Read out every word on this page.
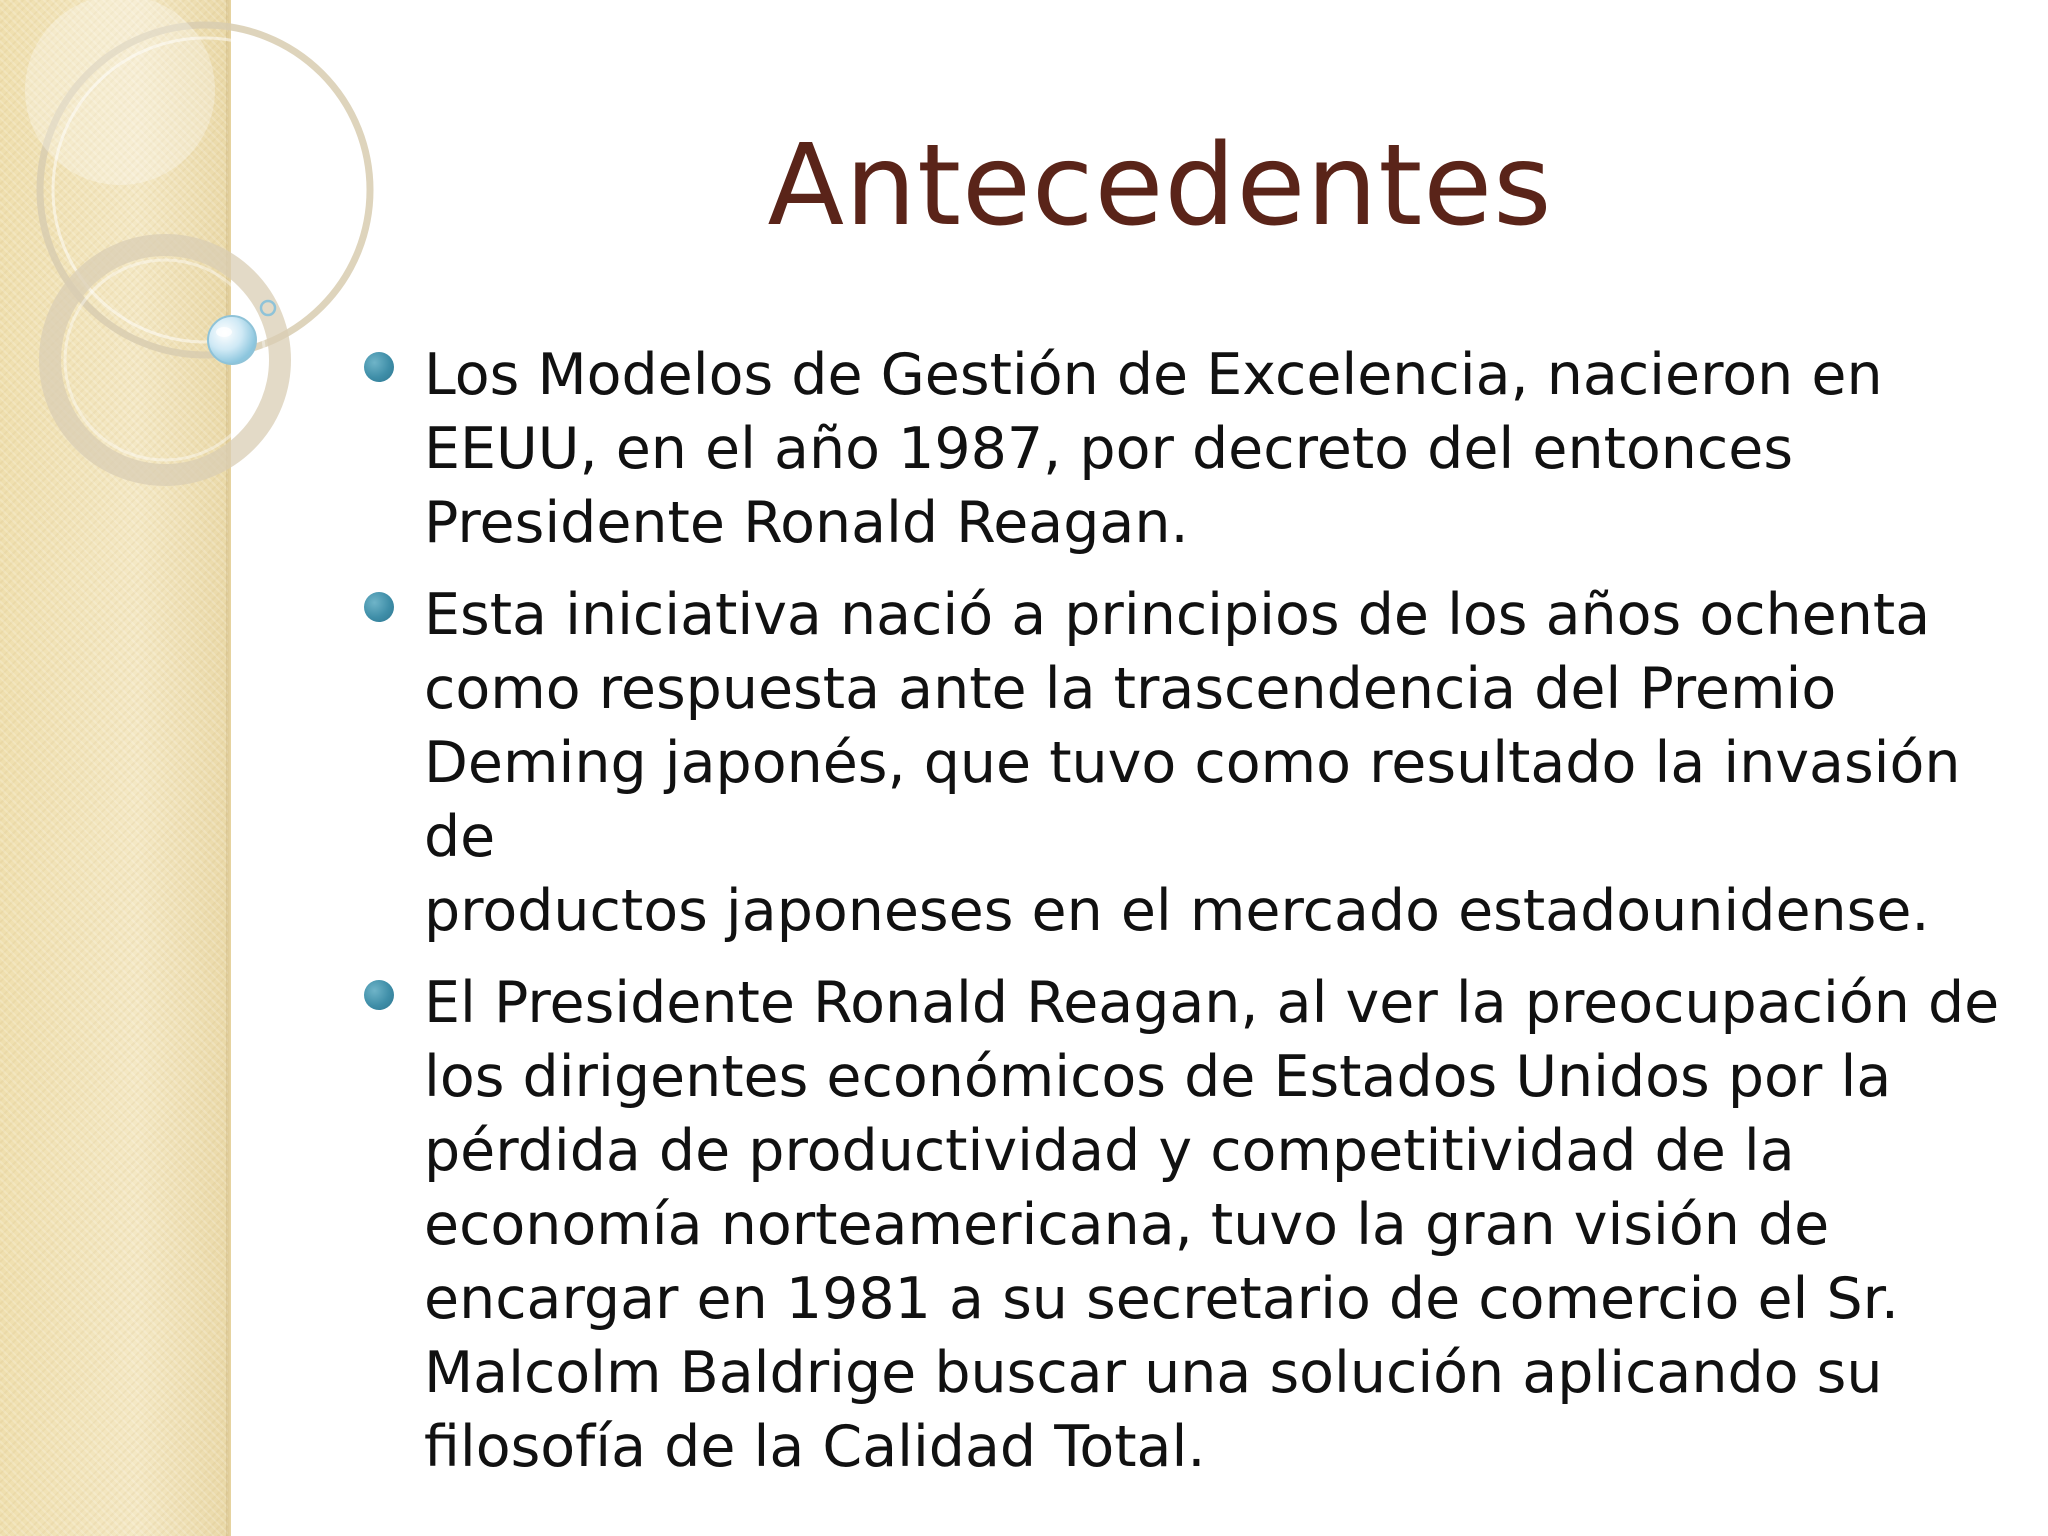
Antecedentes
Los Modelos de Gestión de Excelencia, nacieron en
EEUU, en el año 1987, por decreto del entonces
Presidente Ronald Reagan.
Esta iniciativa nació a principios de los años ochenta
como respuesta ante la trascendencia del Premio
Deming japonés, que tuvo como resultado la invasión de
productos japoneses en el mercado estadounidense.
El Presidente Ronald Reagan, al ver la preocupación de
los dirigentes económicos de Estados Unidos por la
pérdida de productividad y competitividad de la
economía norteamericana, tuvo la gran visión de
encargar en 1981 a su secretario de comercio el Sr.
Malcolm Baldrige buscar una solución aplicando su
filosofía de la Calidad Total.
